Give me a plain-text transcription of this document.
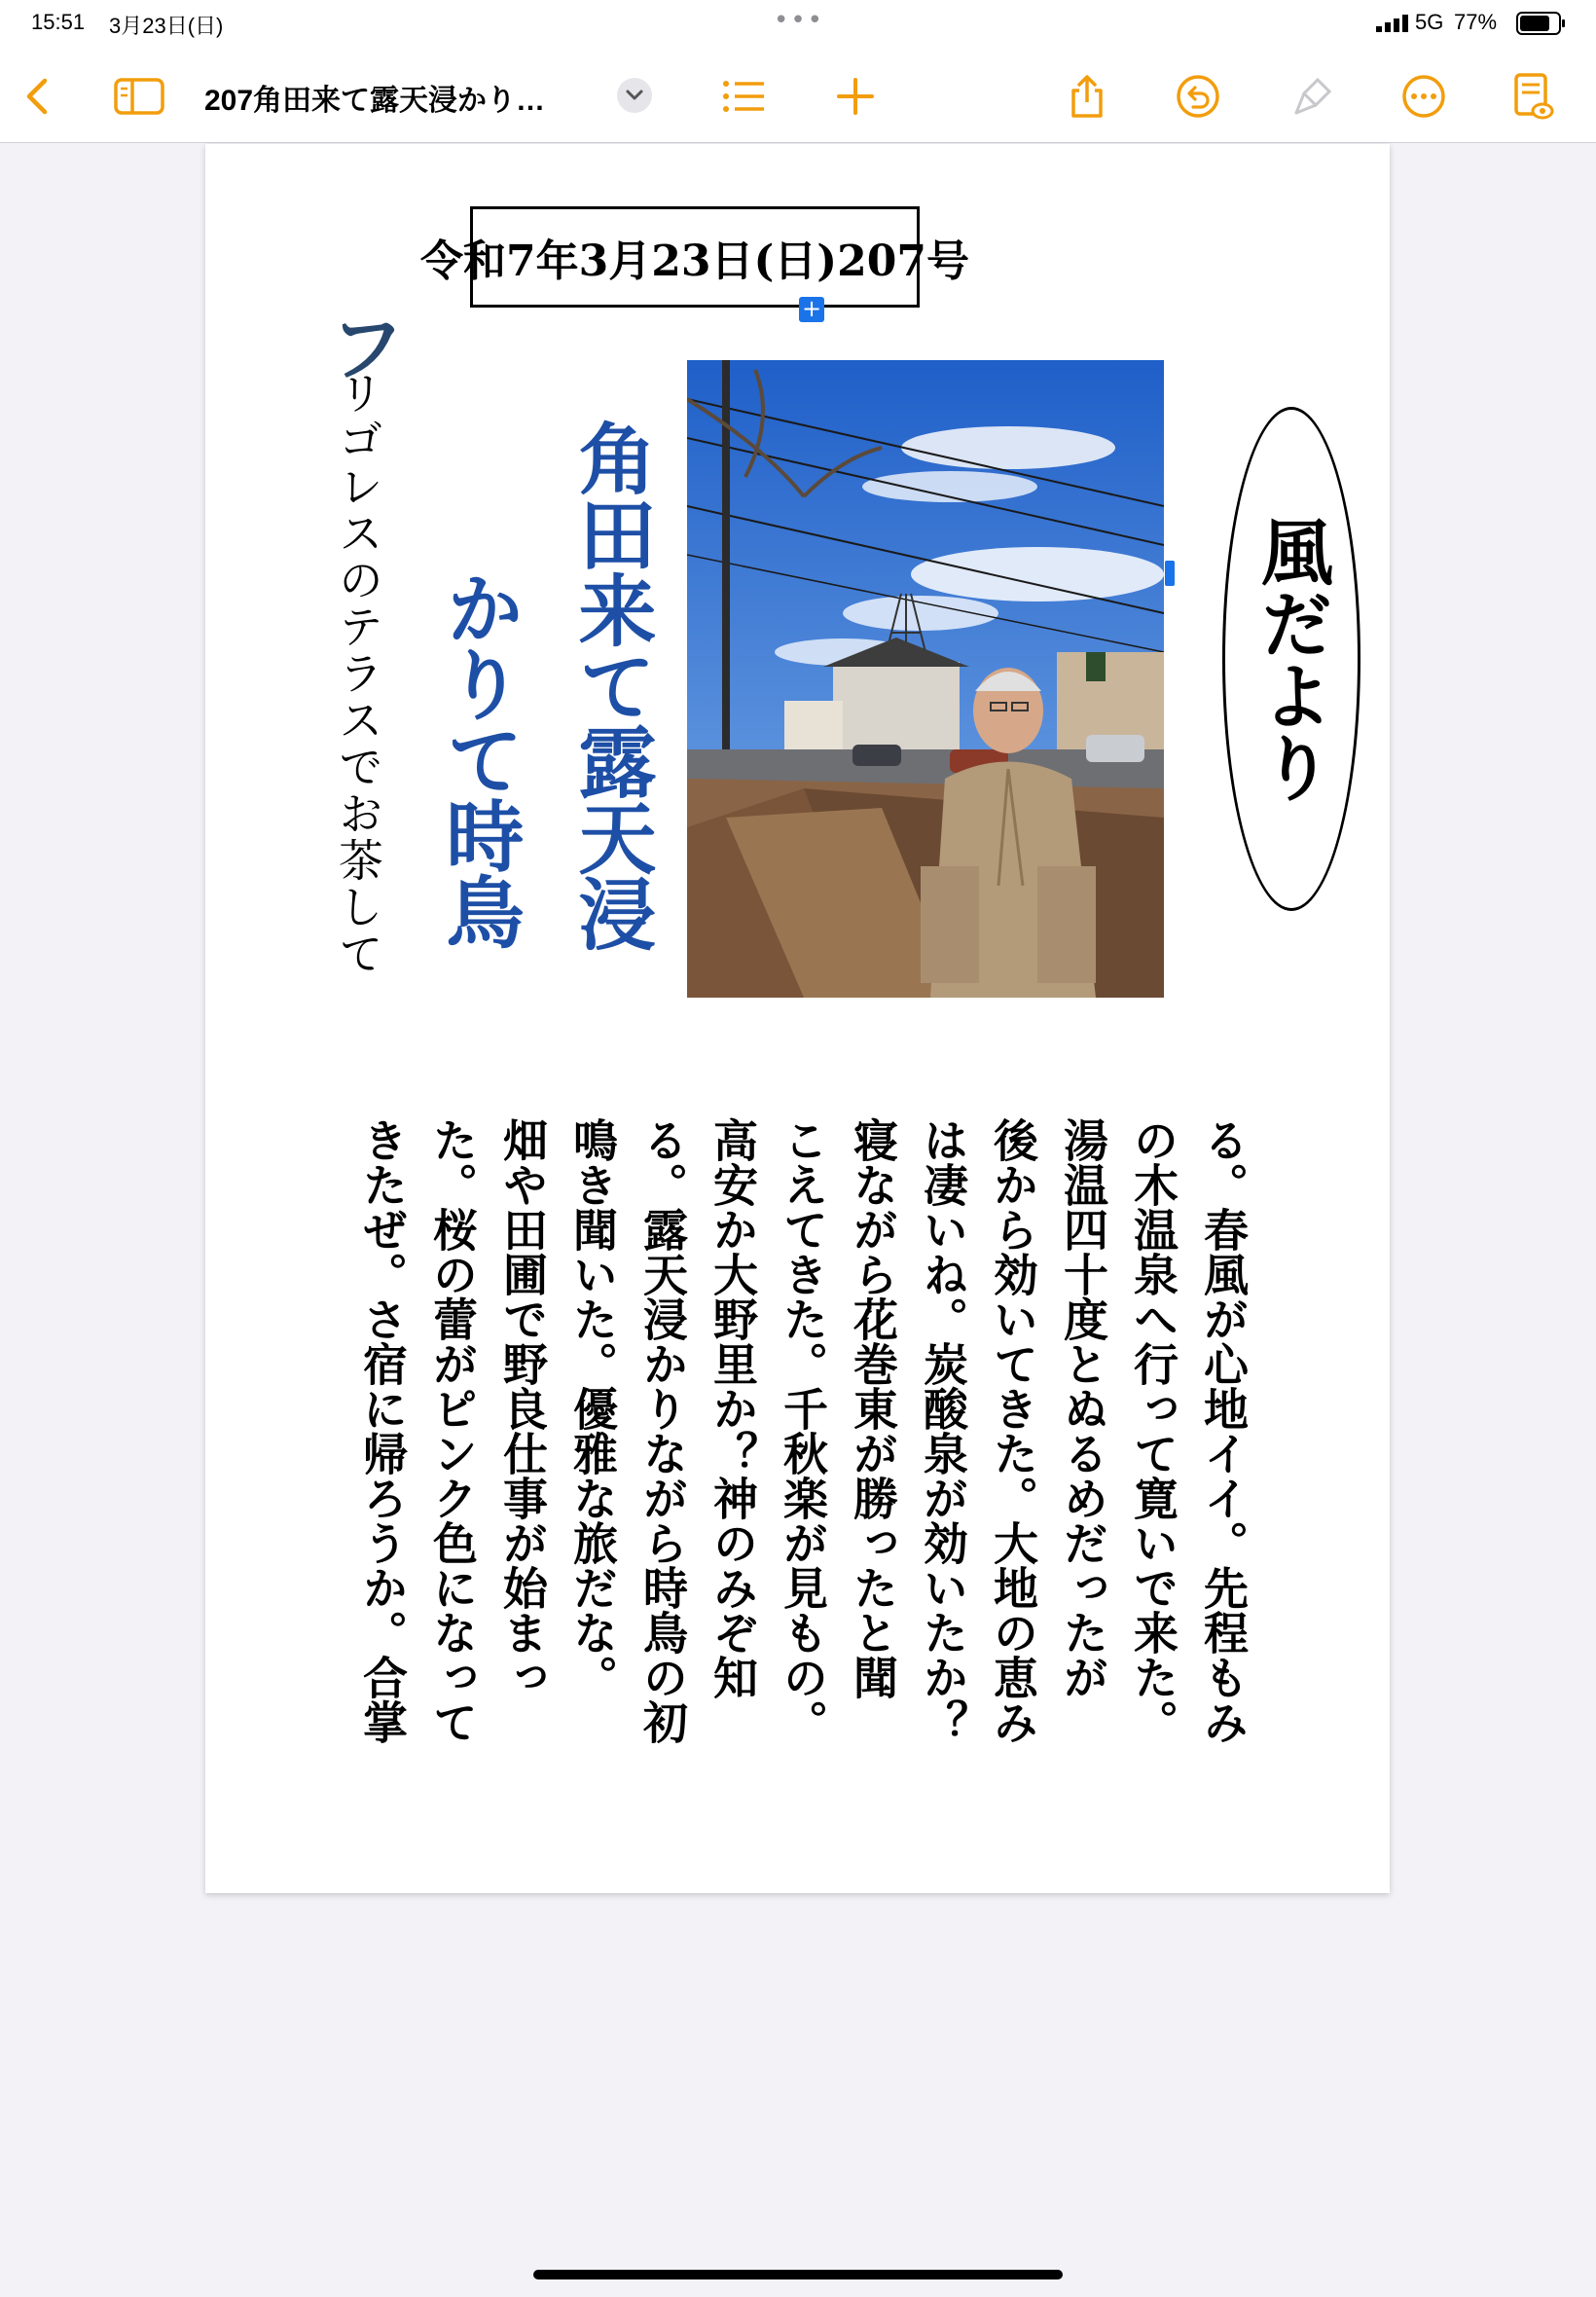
15:51 3月23日(日)	•••	5G 77%
207角田来て露天浸かり…
令和7年3月23日(日)207号
+
フ

リゴレスのテラスでお茶して 角田来て露天浸

かりて時鳥	風だより

る。春風が心地イイ。先程もみ
の木温泉へ行って寛いで来た。
湯温四十度とぬるめだったが
後から効いてきた。大地の恵み
は凄いね。炭酸泉が効いたか？
寝ながら花巻東が勝ったと聞
こえてきた。千秋楽が見もの。
高安か大野里か？神のみぞ知
る。露天浸かりながら時鳥の初
鳴き聞いた。優雅な旅だな。
畑や田圃で野良仕事が始まっ
た。桜の蕾がピンク色になって
きたぜ。さ宿に帰ろうか。合掌
